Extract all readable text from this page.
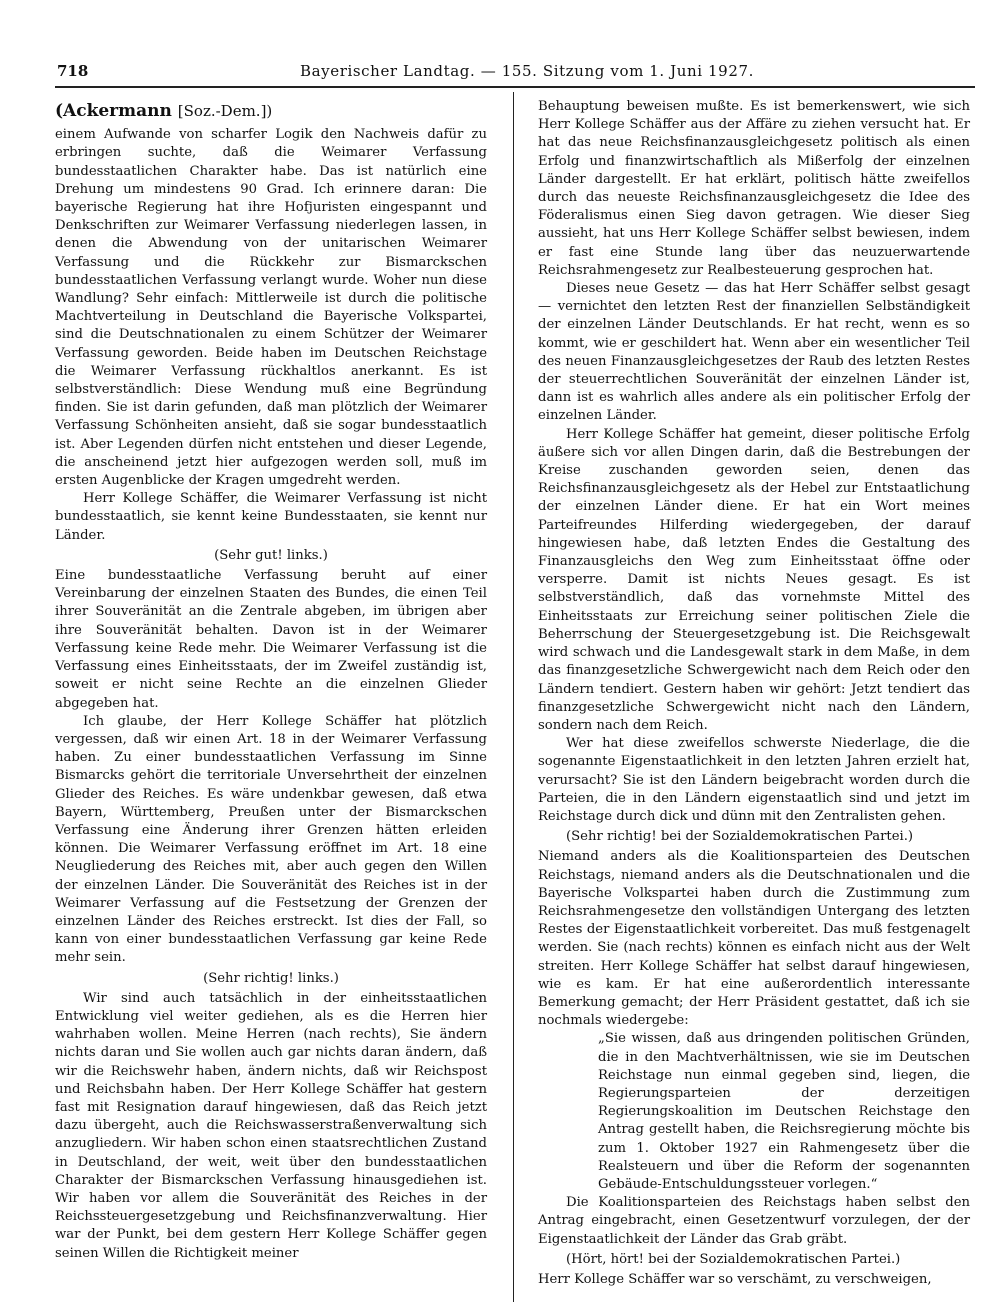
718	Bayerischer Landtag. — 155. Sitzung vom 1. Juni 1927.
(Ackermann [Soz.-Dem.])

einem Aufwande von scharfer Logik den Nachweis dafür zu erbringen suchte, daß die Weimarer Verfassung bundesstaatlichen Charakter habe. Das ist natürlich eine Drehung um mindestens 90 Grad. Ich erinnere daran: Die bayerische Regierung hat ihre Hofjuristen eingespannt und Denkschriften zur Weimarer Verfassung niederlegen lassen, in denen die Abwendung von der unitarischen Weimarer Verfassung und die Rückkehr zur Bismarckschen bundesstaatlichen Verfassung verlangt wurde. Woher nun diese Wandlung? Sehr einfach: Mittlerweile ist durch die politische Machtverteilung in Deutschland die Bayerische Volkspartei, sind die Deutschnationalen zu einem Schützer der Weimarer Verfassung geworden. Beide haben im Deutschen Reichstage die Weimarer Verfassung rückhaltlos anerkannt. Es ist selbstverständlich: Diese Wendung muß eine Begründung finden. Sie ist darin gefunden, daß man plötzlich der Weimarer Verfassung Schönheiten ansieht, daß sie sogar bundesstaatlich ist. Aber Legenden dürfen nicht entstehen und dieser Legende, die anscheinend jetzt hier aufgezogen werden soll, muß im ersten Augenblicke der Kragen umgedreht werden.

Herr Kollege Schäffer, die Weimarer Verfassung ist nicht bundesstaatlich, sie kennt keine Bundesstaaten, sie kennt nur Länder.

(Sehr gut! links.)

Eine bundesstaatliche Verfassung beruht auf einer Vereinbarung der einzelnen Staaten des Bundes, die einen Teil ihrer Souveränität an die Zentrale abgeben, im übrigen aber ihre Souveränität behalten. Davon ist in der Weimarer Verfassung keine Rede mehr. Die Weimarer Verfassung ist die Verfassung eines Einheitsstaats, der im Zweifel zuständig ist, soweit er nicht seine Rechte an die einzelnen Glieder abgegeben hat.

Ich glaube, der Herr Kollege Schäffer hat plötzlich vergessen, daß wir einen Art. 18 in der Weimarer Verfassung haben. Zu einer bundesstaatlichen Verfassung im Sinne Bismarcks gehört die territoriale Unversehrtheit der einzelnen Glieder des Reiches. Es wäre undenkbar gewesen, daß etwa Bayern, Württemberg, Preußen unter der Bismarckschen Verfassung eine Änderung ihrer Grenzen hätten erleiden können. Die Weimarer Verfassung eröffnet im Art. 18 eine Neugliederung des Reiches mit, aber auch gegen den Willen der einzelnen Länder. Die Souveränität des Reiches ist in der Weimarer Verfassung auf die Festsetzung der Grenzen der einzelnen Länder des Reiches erstreckt. Ist dies der Fall, so kann von einer bundesstaatlichen Verfassung gar keine Rede mehr sein.

(Sehr richtig! links.)

Wir sind auch tatsächlich in der einheitsstaatlichen Entwicklung viel weiter gediehen, als es die Herren hier wahrhaben wollen. Meine Herren (nach rechts), Sie ändern nichts daran und Sie wollen auch gar nichts daran ändern, daß wir die Reichswehr haben, ändern nichts, daß wir Reichspost und Reichsbahn haben. Der Herr Kollege Schäffer hat gestern fast mit Resignation darauf hingewiesen, daß das Reich jetzt dazu übergeht, auch die Reichswasserstraßenverwaltung sich anzugliedern. Wir haben schon einen staatsrechtlichen Zustand in Deutschland, der weit, weit über den bundesstaatlichen Charakter der Bismarckschen Verfassung hinausgediehen ist. Wir haben vor allem die Souveränität des Reiches in der Reichssteuergesetzgebung und Reichsfinanzverwaltung. Hier war der Punkt, bei dem gestern Herr Kollege Schäffer gegen seinen Willen die Richtigkeit meiner

Behauptung beweisen mußte. Es ist bemerkenswert, wie sich Herr Kollege Schäffer aus der Affäre zu ziehen versucht hat. Er hat das neue Reichsfinanzausgleichgesetz politisch als einen Erfolg und finanzwirtschaftlich als Mißerfolg der einzelnen Länder dargestellt. Er hat erklärt, politisch hätte zweifellos durch das neueste Reichsfinanzausgleichgesetz die Idee des Föderalismus einen Sieg davon getragen. Wie dieser Sieg aussieht, hat uns Herr Kollege Schäffer selbst bewiesen, indem er fast eine Stunde lang über das neuzuerwartende Reichsrahmengesetz zur Realbesteuerung gesprochen hat.

Dieses neue Gesetz — das hat Herr Schäffer selbst gesagt — vernichtet den letzten Rest der finanziellen Selbständigkeit der einzelnen Länder Deutschlands. Er hat recht, wenn es so kommt, wie er geschildert hat. Wenn aber ein wesentlicher Teil des neuen Finanzausgleichgesetzes der Raub des letzten Restes der steuerrechtlichen Souveränität der einzelnen Länder ist, dann ist es wahrlich alles andere als ein politischer Erfolg der einzelnen Länder.

Herr Kollege Schäffer hat gemeint, dieser politische Erfolg äußere sich vor allen Dingen darin, daß die Bestrebungen der Kreise zuschanden geworden seien, denen das Reichsfinanzausgleichgesetz als der Hebel zur Entstaatlichung der einzelnen Länder diene. Er hat ein Wort meines Parteifreundes Hilferding wiedergegeben, der darauf hingewiesen habe, daß letzten Endes die Gestaltung des Finanzausgleichs den Weg zum Einheitsstaat öffne oder versperre. Damit ist nichts Neues gesagt. Es ist selbstverständlich, daß das vornehmste Mittel des Einheitsstaats zur Erreichung seiner politischen Ziele die Beherrschung der Steuergesetzgebung ist. Die Reichsgewalt wird schwach und die Landesgewalt stark in dem Maße, in dem das finanzgesetzliche Schwergewicht nach dem Reich oder den Ländern tendiert. Gestern haben wir gehört: Jetzt tendiert das finanzgesetzliche Schwergewicht nicht nach den Ländern, sondern nach dem Reich.

Wer hat diese zweifellos schwerste Niederlage, die die sogenannte Eigenstaatlichkeit in den letzten Jahren erzielt hat, verursacht? Sie ist den Ländern beigebracht worden durch die Parteien, die in den Ländern eigenstaatlich sind und jetzt im Reichstage durch dick und dünn mit den Zentralisten gehen.

(Sehr richtig! bei der Sozialdemokratischen Partei.)

Niemand anders als die Koalitionsparteien des Deutschen Reichstags, niemand anders als die Deutschnationalen und die Bayerische Volkspartei haben durch die Zustimmung zum Reichsrahmengesetze den vollständigen Untergang des letzten Restes der Eigenstaatlichkeit vorbereitet. Das muß festgenagelt werden. Sie (nach rechts) können es einfach nicht aus der Welt streiten. Herr Kollege Schäffer hat selbst darauf hingewiesen, wie es kam. Er hat eine außerordentlich interessante Bemerkung gemacht; der Herr Präsident gestattet, daß ich sie nochmals wiedergebe:

„Sie wissen, daß aus dringenden politischen Gründen, die in den Machtverhältnissen, wie sie im Deutschen Reichstage nun einmal gegeben sind, liegen, die Regierungsparteien der derzeitigen Regierungskoalition im Deutschen Reichstage den Antrag gestellt haben, die Reichsregierung möchte bis zum 1. Oktober 1927 ein Rahmengesetz über die Realsteuern und über die Reform der sogenannten Gebäude-Entschuldungssteuer vorlegen.“

Die Koalitionsparteien des Reichstags haben selbst den Antrag eingebracht, einen Gesetzentwurf vorzulegen, der der Eigenstaatlichkeit der Länder das Grab gräbt.

(Hört, hört! bei der Sozialdemokratischen Partei.)

Herr Kollege Schäffer war so verschämt, zu verschweigen,
